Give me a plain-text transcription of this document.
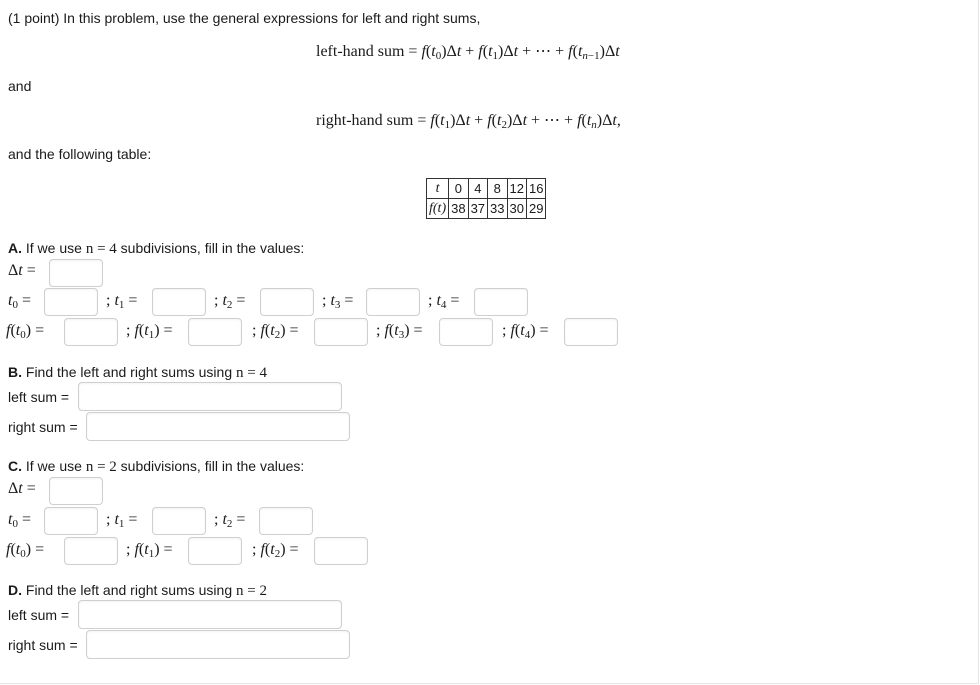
(1 point) In this problem, use the general expressions for left and right sums,
left-hand sum = $f(t_0)\Delta t + f(t_1)\Delta t$ + ⋯ + $f(t_{n-1})\Delta t$
and
right-hand sum = $f(t_1)\Delta t + f(t_2)\Delta t$ + ⋯ + $f(t_n)\Delta t$,
and the following table:
t	0	4	8	12	16
f(t)	38	37	33	30	29
A. If we use n = 4 subdivisions, fill in the values:
Δt =
$t_0$ =	; $t_1$ =	; $t_2$ =	; $t_3$ =	; $t_4$ =
$f(t_0)$ =	; $f(t_1)$ =	; $f(t_2)$ =	; $f(t_3)$ =	; $f(t_4)$ =
B. Find the left and right sums using n = 4
left sum =
right sum =
C. If we use n = 2 subdivisions, fill in the values:
Δt =
$t_0$ =	; $t_1$ =	; $t_2$ =
$f(t_0)$ =	; $f(t_1)$ =	; $f(t_2)$ =
D. Find the left and right sums using n = 2
left sum =
right sum =
